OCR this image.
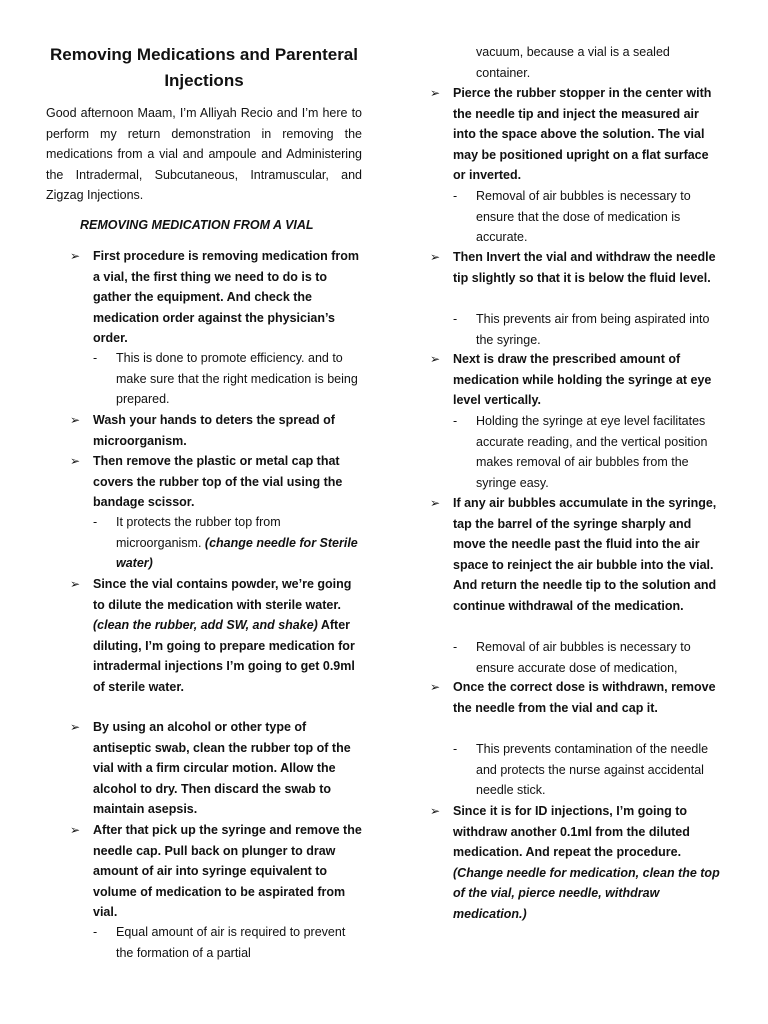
Removing Medications and Parenteral Injections
Good afternoon Maam, I’m Alliyah Recio and I’m here to perform my return demonstration in removing the medications from a vial and ampoule and Administering the Intradermal, Subcutaneous, Intramuscular, and Zigzag Injections.
REMOVING MEDICATION FROM A VIAL
➢	First procedure is removing medication from a vial, the first thing we need to do is to gather the equipment. And check the medication order against the physician’s order.
-	This is done to promote efficiency. and to make sure that the right medication is being prepared.
➢	Wash your hands to deters the spread of microorganism.
➢	Then remove the plastic or metal cap that covers the rubber top of the vial using the bandage scissor.
-	It protects the rubber top from microorganism. (change needle for Sterile water)
➢	Since the vial contains powder, we’re going to dilute the medication with sterile water. (clean the rubber, add SW, and shake) After diluting, I’m going to prepare medication for intradermal injections I’m going to get 0.9ml of sterile water.
➢	By using an alcohol or other type of antiseptic swab, clean the rubber top of the vial with a firm circular motion. Allow the alcohol to dry. Then discard the swab to maintain asepsis.
➢	After that pick up the syringe and remove the needle cap. Pull back on plunger to draw amount of air into syringe equivalent to volume of medication to be aspirated from vial.
-	Equal amount of air is required to prevent the formation of a partial
vacuum, because a vial is a sealed container.
➢	Pierce the rubber stopper in the center with the needle tip and inject the measured air into the space above the solution. The vial may be positioned upright on a flat surface or inverted.
-	Removal of air bubbles is necessary to ensure that the dose of medication is accurate.
➢	Then Invert the vial and withdraw the needle tip slightly so that it is below the fluid level.
-	This prevents air from being aspirated into the syringe.
➢	Next is draw the prescribed amount of medication while holding the syringe at eye level vertically.
-	Holding the syringe at eye level facilitates accurate reading, and the vertical position makes removal of air bubbles from the syringe easy.
➢	If any air bubbles accumulate in the syringe, tap the barrel of the syringe sharply and move the needle past the fluid into the air space to reinject the air bubble into the vial. And return the needle tip to the solution and continue withdrawal of the medication.
-	Removal of air bubbles is necessary to ensure accurate dose of medication,
➢	Once the correct dose is withdrawn, remove the needle from the vial and cap it.
-	This prevents contamination of the needle and protects the nurse against accidental needle stick.
➢	Since it is for ID injections, I’m going to withdraw another 0.1ml from the diluted medication. And repeat the procedure. (Change needle for medication, clean the top of the vial, pierce needle, withdraw medication.)
